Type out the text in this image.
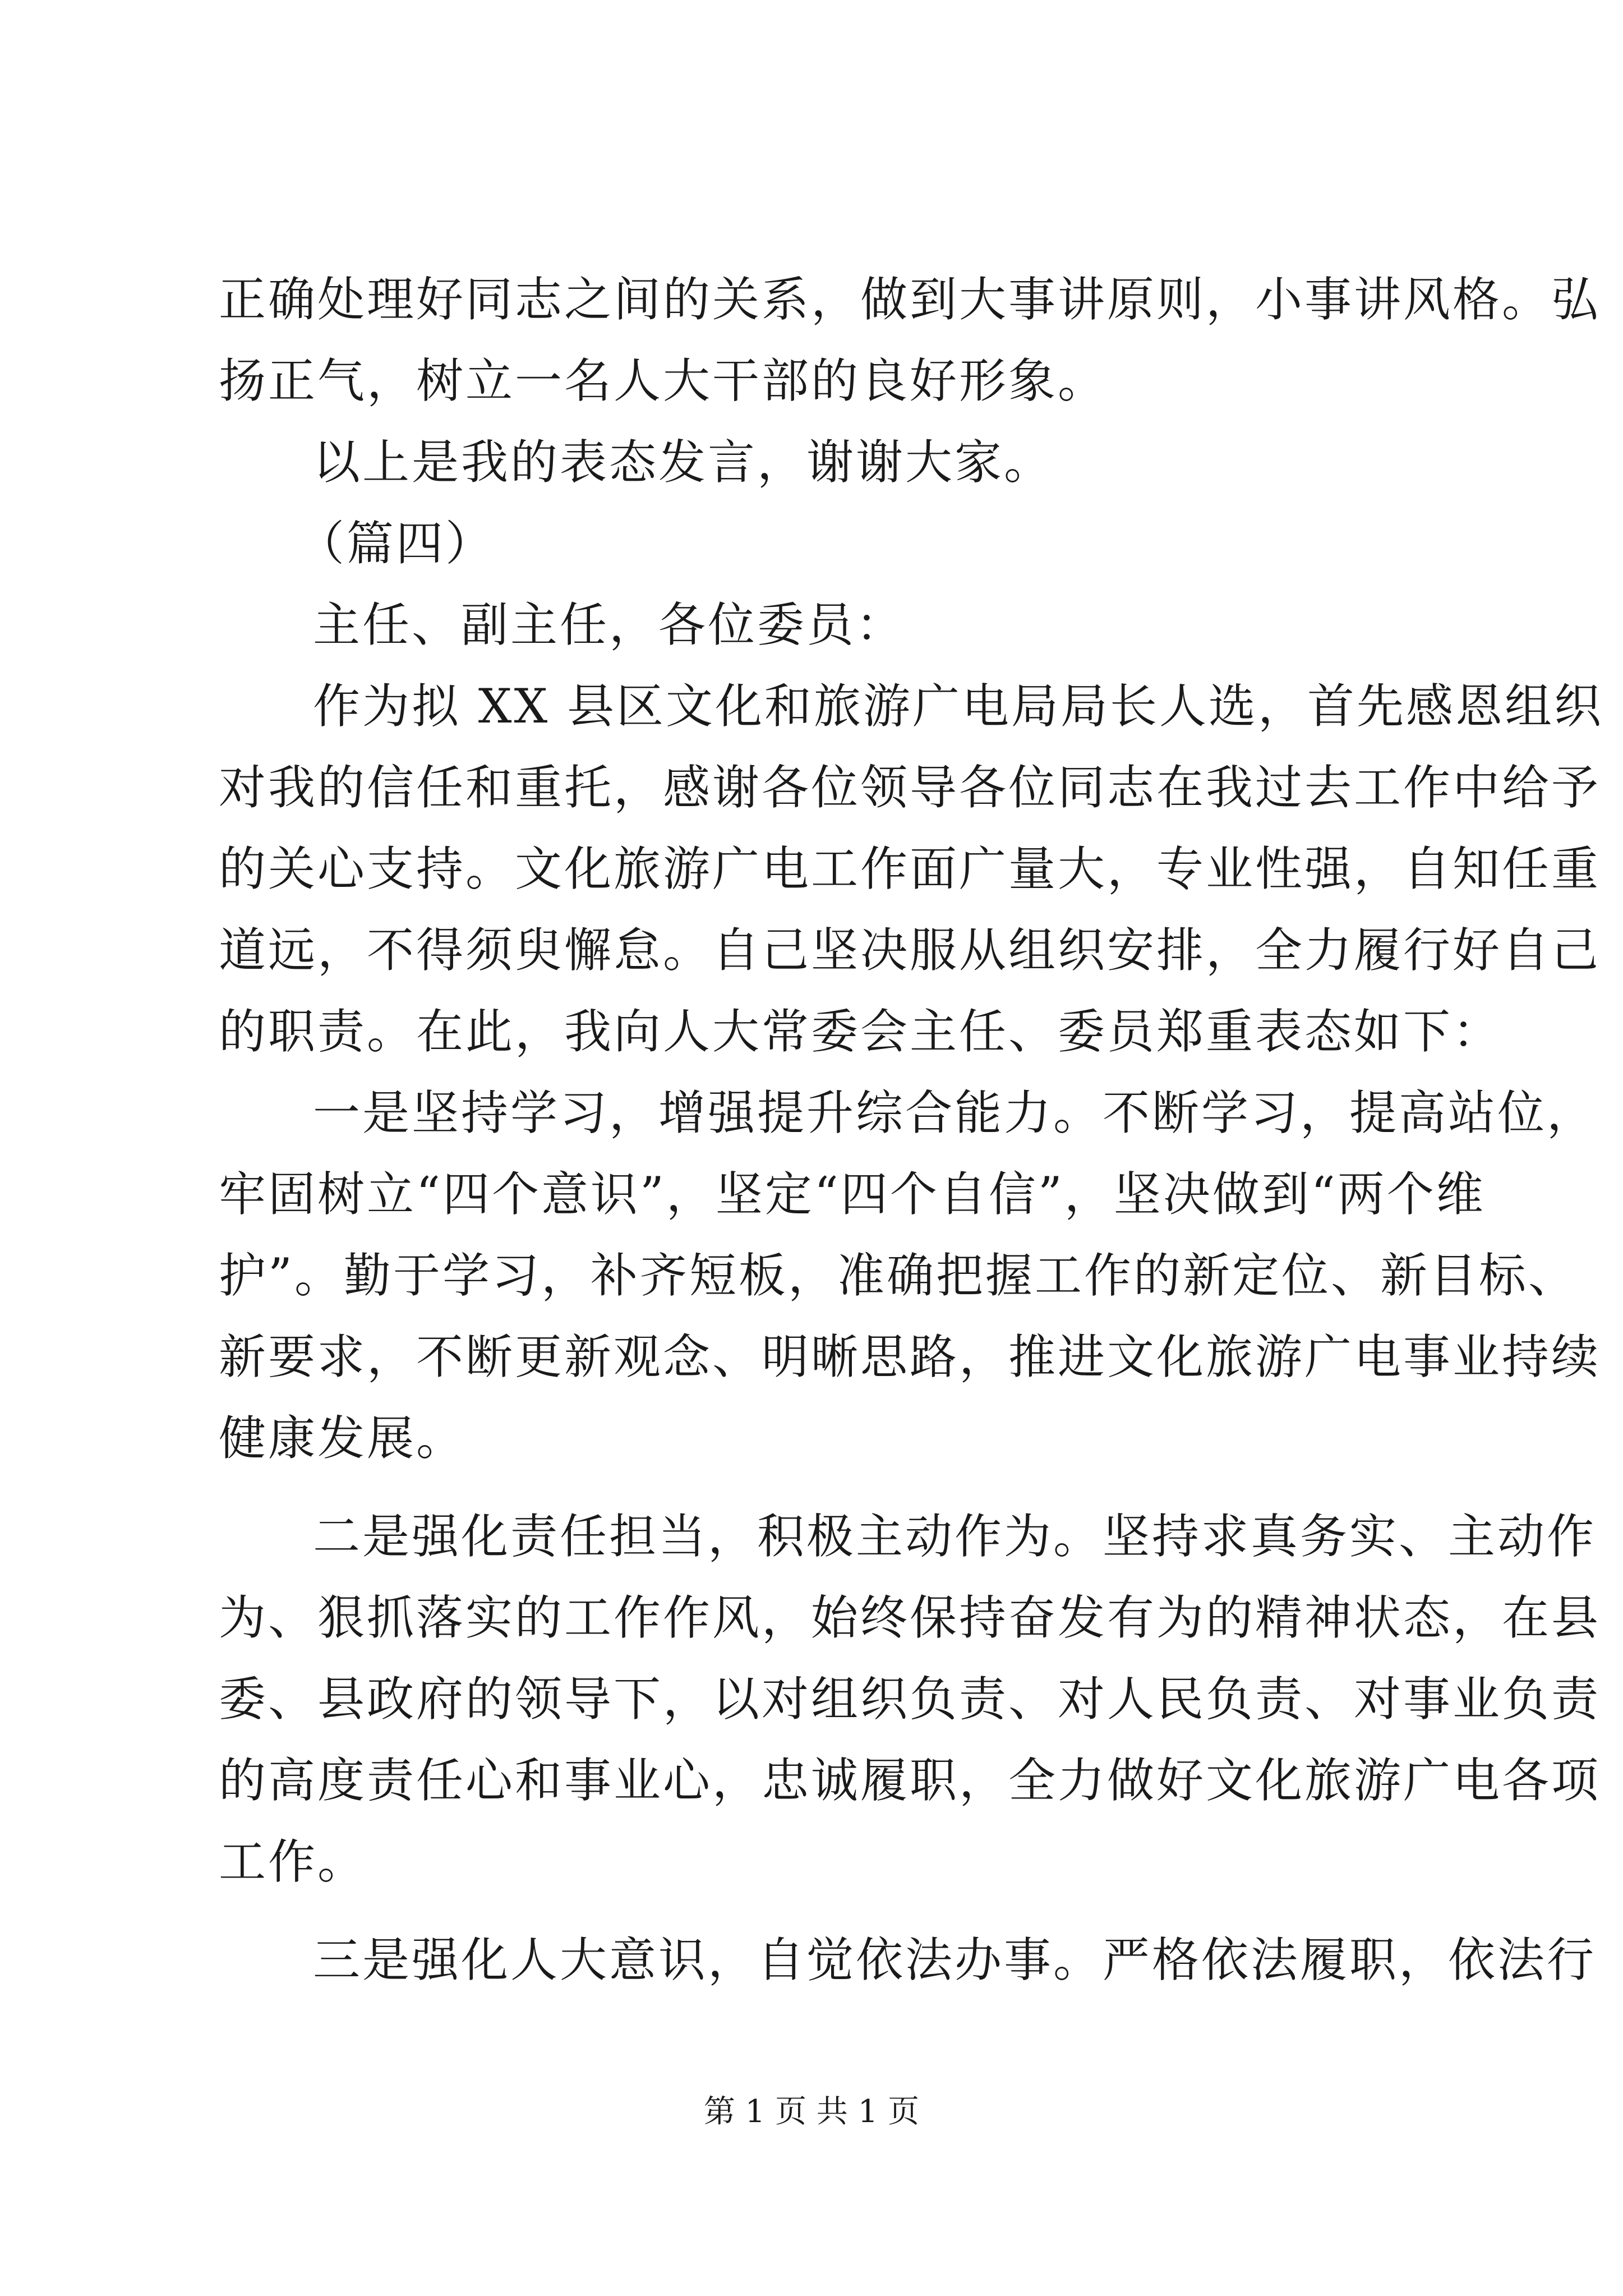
正确处理好同志之间的关系，做到大事讲原则，小事讲风格。弘
扬正气，树立一名人大干部的良好形象。
以上是我的表态发言，谢谢大家。
（篇四）
主任、副主任，各位委员：
作为拟 XX 县区文化和旅游广电局局长人选，首先感恩组织
对我的信任和重托，感谢各位领导各位同志在我过去工作中给予
的关心支持。文化旅游广电工作面广量大，专业性强，自知任重
道远，不得须臾懈怠。自己坚决服从组织安排，全力履行好自己
的职责。在此，我向人大常委会主任、委员郑重表态如下：
一是坚持学习，增强提升综合能力。不断学习，提高站位，
牢固树立“四个意识”，坚定“四个自信”，坚决做到“两个维
护”。勤于学习，补齐短板，准确把握工作的新定位、新目标、
新要求，不断更新观念、明晰思路，推进文化旅游广电事业持续
健康发展。
二是强化责任担当，积极主动作为。坚持求真务实、主动作
为、狠抓落实的工作作风，始终保持奋发有为的精神状态，在县
委、县政府的领导下，以对组织负责、对人民负责、对事业负责
的高度责任心和事业心，忠诚履职，全力做好文化旅游广电各项
工作。
三是强化人大意识，自觉依法办事。严格依法履职，依法行
第 1 页 共 1 页
